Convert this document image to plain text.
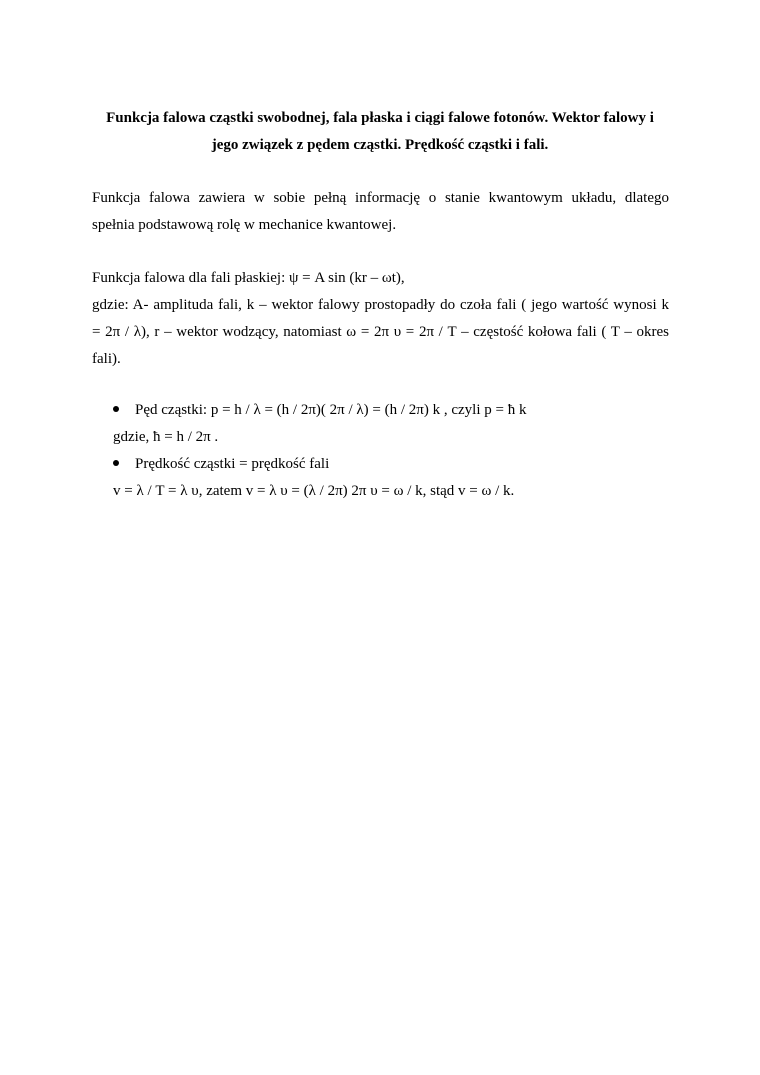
Funkcja falowa cząstki swobodnej, fala płaska i ciągi falowe fotonów. Wektor falowy i
jego związek z pędem cząstki. Prędkość cząstki i fali.

Funkcja falowa zawiera w sobie pełną informację o stanie kwantowym układu, dlatego
spełnia podstawową rolę w mechanice kwantowej.

Funkcja falowa dla fali płaskiej: ψ = A sin (kr – ωt),
gdzie: A- amplituda fali, k – wektor falowy prostopadły do czoła fali ( jego wartość wynosi k
= 2π / λ), r – wektor wodzący, natomiast ω = 2π υ = 2π / T – częstość kołowa fali ( T – okres
fali).

Pęd cząstki: p = h / λ = (h / 2π)( 2π / λ) = (h / 2π) k , czyli p = ħ k
gdzie, ħ = h / 2π .
Prędkość cząstki = prędkość fali
v = λ / T = λ υ, zatem v = λ υ = (λ / 2π) 2π υ = ω / k, stąd v = ω / k.
